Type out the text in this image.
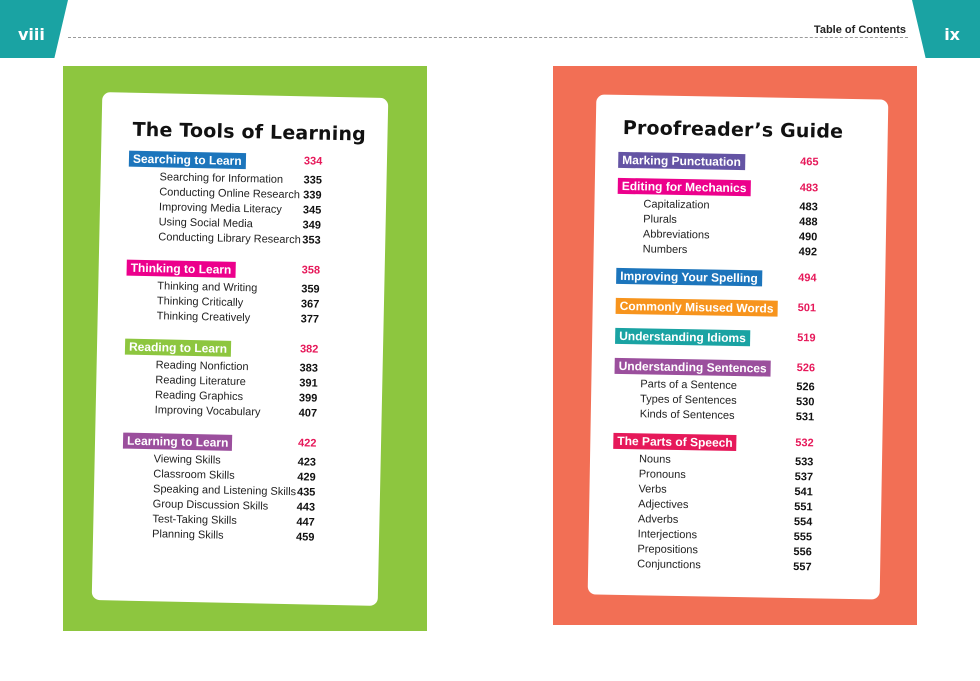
viii	ix
Table of Contents
The Tools of Learning
Searching to Learn	334
Searching for Information 335
Conducting Online Research 339
Improving Media Literacy 345
Using Social Media	349
Conducting Library Research 353
Thinking to Learn	358
Thinking and Writing	359
Thinking Critically	367
Thinking Creatively	377
Reading to Learn	382
Reading Nonfiction	383
Reading Literature	391
Reading Graphics	399
Improving Vocabulary	407
Learning to Learn	422
Viewing Skills	423
Classroom Skills	429
Speaking and Listening Skills 435
Group Discussion Skills	443
Test-Taking Skills	447
Planning Skills	459
Proofreader’s Guide
Marking Punctuation	465
Editing for Mechanics	483
Capitalization	483
Plurals	488
Abbreviations	490
Numbers	492
Improving Your Spelling	494
Commonly Misused Words	501
Understanding Idioms	519
Understanding Sentences	526
Parts of a Sentence	526
Types of Sentences	530
Kinds of Sentences	531
The Parts of Speech	532
Nouns	533
Pronouns	537
Verbs	541
Adjectives	551
Adverbs	554
Interjections	555
Prepositions	556
Conjunctions	557
